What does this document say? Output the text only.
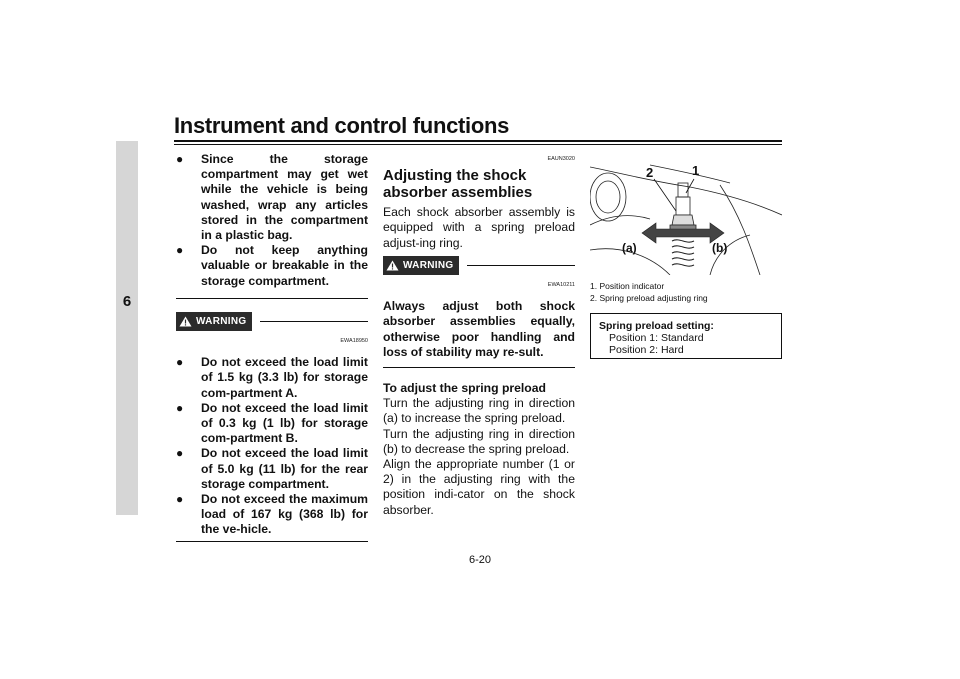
Instrument and control functions
6
● Since the storage compartment may get wet while the vehicle is being washed, wrap any articles stored in the compartment in a plastic bag.
● Do not keep anything valuable or breakable in the storage compartment.
WARNING
EWA18950
● Do not exceed the load limit of 1.5 kg (3.3 lb) for storage com-partment A.
● Do not exceed the load limit of 0.3 kg (1 lb) for storage com-partment B.
● Do not exceed the load limit of 5.0 kg (11 lb) for the rear storage compartment.
● Do not exceed the maximum load of 167 kg (368 lb) for the ve-hicle.
EAUN3020
Adjusting the shock absorber assemblies

Each shock absorber assembly is equipped with a spring preload adjust-ing ring.

WARNING
EWA10211

Always adjust both shock absorber assemblies equally, otherwise poor handling and loss of stability may re-sult.

To adjust the spring preload

Turn the adjusting ring in direction (a) to increase the spring preload.

Turn the adjusting ring in direction (b) to decrease the spring preload.

Align the appropriate number (1 or 2) in the adjusting ring with the position indi-cator on the shock absorber.

2	1
(a)	(b)
1. Position indicator
2. Spring preload adjusting ring
Spring preload setting:
Position 1: Standard
Position 2: Hard
6-20
